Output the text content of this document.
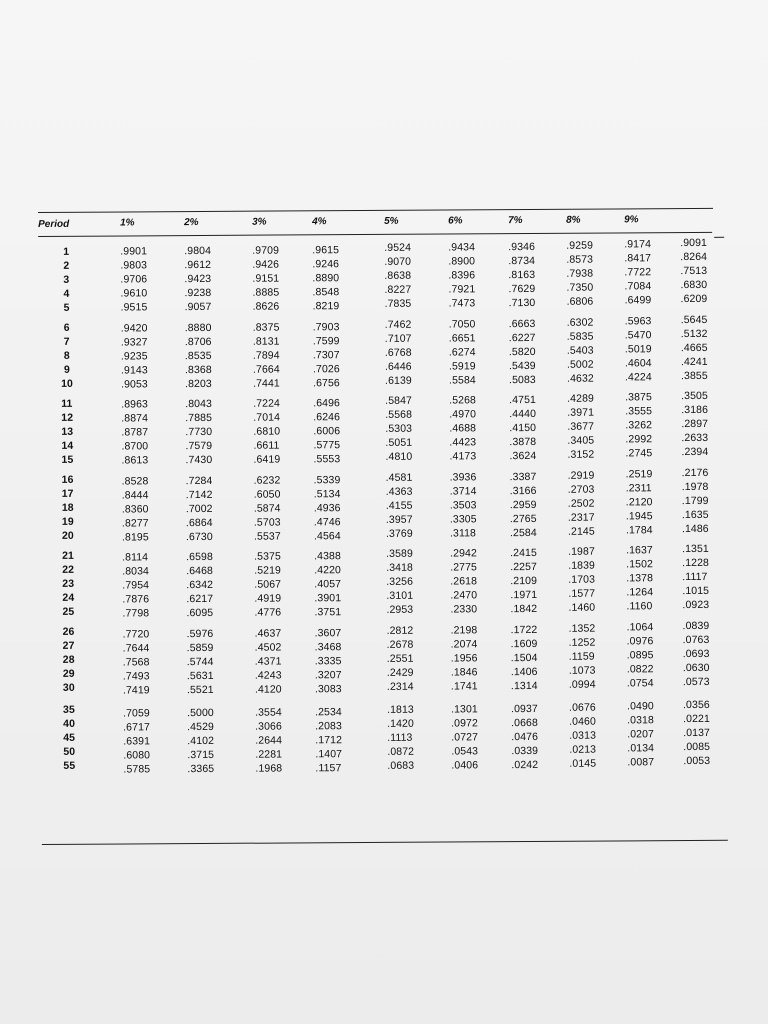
Period	1%	2%	3%	4%	5%	6%	7%	8%	9%
1	.9901	.9804	.9709	.9615	.9524	.9434	.9346	.9259	.9174	.9091
2	.9803	.9612	.9426	.9246	.9070	.8900	.8734	.8573	.8417	.8264
3	.9706	.9423	.9151	.8890	.8638	.8396	.8163	.7938	.7722	.7513
4	.9610	.9238	.8885	.8548	.8227	.7921	.7629	.7350	.7084	.6830
5	.9515	.9057	.8626	.8219	.7835	.7473	.7130	.6806	.6499	.6209
6	.9420	.8880	.8375	.7903	.7462	.7050	.6663	.6302	.5963	.5645
7	.9327	.8706	.8131	.7599	.7107	.6651	.6227	.5835	.5470	.5132
8	.9235	.8535	.7894	.7307	.6768	.6274	.5820	.5403	.5019	.4665
9	.9143	.8368	.7664	.7026	.6446	.5919	.5439	.5002	.4604	.4241
10	.9053	.8203	.7441	.6756	.6139	.5584	.5083	.4632	.4224	.3855
11	.8963	.8043	.7224	.6496	.5847	.5268	.4751	.4289	.3875	.3505
12	.8874	.7885	.7014	.6246	.5568	.4970	.4440	.3971	.3555	.3186
13	.8787	.7730	.6810	.6006	.5303	.4688	.4150	.3677	.3262	.2897
14	.8700	.7579	.6611	.5775	.5051	.4423	.3878	.3405	.2992	.2633
15	.8613	.7430	.6419	.5553	.4810	.4173	.3624	.3152	.2745	.2394
16	.8528	.7284	.6232	.5339	.4581	.3936	.3387	.2919	.2519	.2176
17	.8444	.7142	.6050	.5134	.4363	.3714	.3166	.2703	.2311	.1978
18	.8360	.7002	.5874	.4936	.4155	.3503	.2959	.2502	.2120	.1799
19	.8277	.6864	.5703	.4746	.3957	.3305	.2765	.2317	.1945	.1635
20	.8195	.6730	.5537	.4564	.3769	.3118	.2584	.2145	.1784	.1486
21	.8114	.6598	.5375	.4388	.3589	.2942	.2415	.1987	.1637	.1351
22	.8034	.6468	.5219	.4220	.3418	.2775	.2257	.1839	.1502	.1228
23	.7954	.6342	.5067	.4057	.3256	.2618	.2109	.1703	.1378	.1117
24	.7876	.6217	.4919	.3901	.3101	.2470	.1971	.1577	.1264	.1015
25	.7798	.6095	.4776	.3751	.2953	.2330	.1842	.1460	.1160	.0923
26	.7720	.5976	.4637	.3607	.2812	.2198	.1722	.1352	.1064	.0839
27	.7644	.5859	.4502	.3468	.2678	.2074	.1609	.1252	.0976	.0763
28	.7568	.5744	.4371	.3335	.2551	.1956	.1504	.1159	.0895	.0693
29	.7493	.5631	.4243	.3207	.2429	.1846	.1406	.1073	.0822	.0630
30	.7419	.5521	.4120	.3083	.2314	.1741	.1314	.0994	.0754	.0573
35	.7059	.5000	.3554	.2534	.1813	.1301	.0937	.0676	.0490	.0356
40	.6717	.4529	.3066	.2083	.1420	.0972	.0668	.0460	.0318	.0221
45	.6391	.4102	.2644	.1712	.1113	.0727	.0476	.0313	.0207	.0137
50	.6080	.3715	.2281	.1407	.0872	.0543	.0339	.0213	.0134	.0085
55	.5785	.3365	.1968	.1157	.0683	.0406	.0242	.0145	.0087	.0053
